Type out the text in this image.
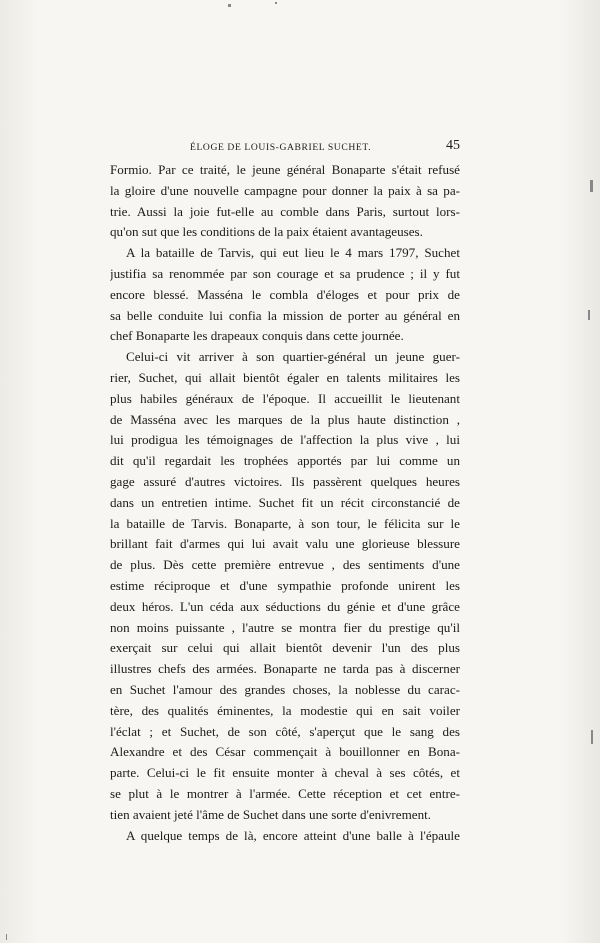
ÉLOGE DE LOUIS-GABRIEL SUCHET.	45
Formio. Par ce traité, le jeune général Bonaparte s'était refusé
la gloire d'une nouvelle campagne pour donner la paix à sa pa-
trie. Aussi la joie fut-elle au comble dans Paris, surtout lors-
qu'on sut que les conditions de la paix étaient avantageuses.
A la bataille de Tarvis, qui eut lieu le 4 mars 1797, Suchet
justifia sa renommée par son courage et sa prudence ; il y fut
encore blessé. Masséna le combla d'éloges et pour prix de
sa belle conduite lui confia la mission de porter au général en
chef Bonaparte les drapeaux conquis dans cette journée.
Celui-ci vit arriver à son quartier-général un jeune guer-
rier, Suchet, qui allait bientôt égaler en talents militaires les
plus habiles généraux de l'époque. Il accueillit le lieutenant
de Masséna avec les marques de la plus haute distinction ,
lui prodigua les témoignages de l'affection la plus vive , lui
dit qu'il regardait les trophées apportés par lui comme un
gage assuré d'autres victoires. Ils passèrent quelques heures
dans un entretien intime. Suchet fit un récit circonstancié de
la bataille de Tarvis. Bonaparte, à son tour, le félicita sur le
brillant fait d'armes qui lui avait valu une glorieuse blessure
de plus. Dès cette première entrevue , des sentiments d'une
estime réciproque et d'une sympathie profonde unirent les
deux héros. L'un céda aux séductions du génie et d'une grâce
non moins puissante , l'autre se montra fier du prestige qu'il
exerçait sur celui qui allait bientôt devenir l'un des plus
illustres chefs des armées. Bonaparte ne tarda pas à discerner
en Suchet l'amour des grandes choses, la noblesse du carac-
tère, des qualités éminentes, la modestie qui en sait voiler
l'éclat ; et Suchet, de son côté, s'aperçut que le sang des
Alexandre et des César commençait à bouillonner en Bona-
parte. Celui-ci le fit ensuite monter à cheval à ses côtés, et
se plut à le montrer à l'armée. Cette réception et cet entre-
tien avaient jeté l'âme de Suchet dans une sorte d'enivrement.
A quelque temps de là, encore atteint d'une balle à l'épaule
